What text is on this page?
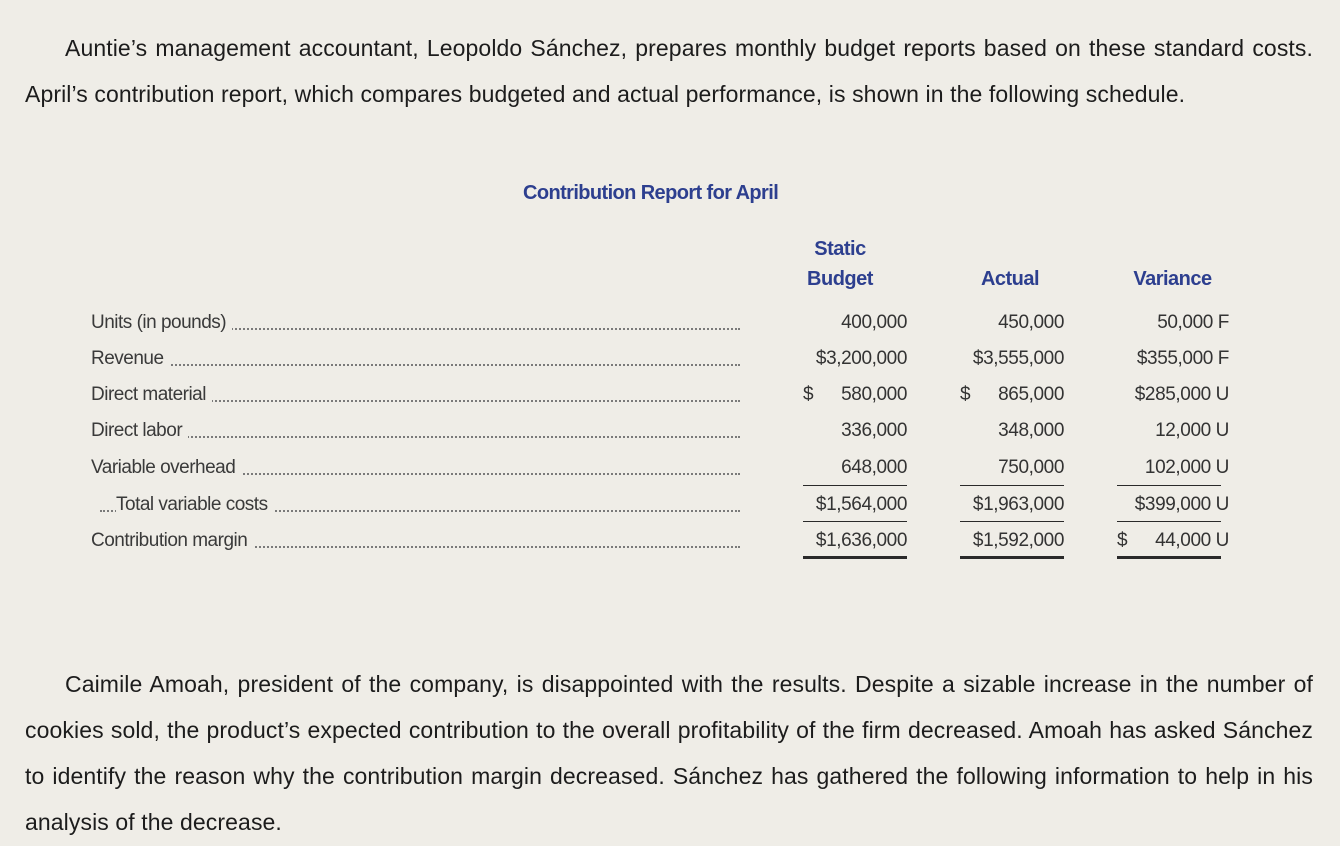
Auntie’s management accountant, Leopoldo Sánchez, prepares monthly budget reports based on these standard costs. April’s contribution report, which compares budgeted and actual performance, is shown in the following schedule.

Contribution Report for April
Static
Budget	Actual	Variance
Units (in pounds)	400,000	450,000	50,000 F
Revenue	$3,200,000	$3,555,000	$355,000 F
Direct material	$ 580,000	$ 865,000	$285,000 U
Direct labor	336,000	348,000	12,000 U
Variable overhead	648,000	750,000	102,000 U
Total variable costs	$1,564,000	$1,963,000	$399,000 U
Contribution margin	$1,636,000	$1,592,000	$ 44,000 U

Caimile Amoah, president of the company, is disappointed with the results. Despite a sizable increase in the number of cookies sold, the product’s expected contribution to the overall profitability of the firm decreased. Amoah has asked Sánchez to identify the reason why the contribution margin decreased. Sánchez has gathered the following information to help in his analysis of the decrease.
